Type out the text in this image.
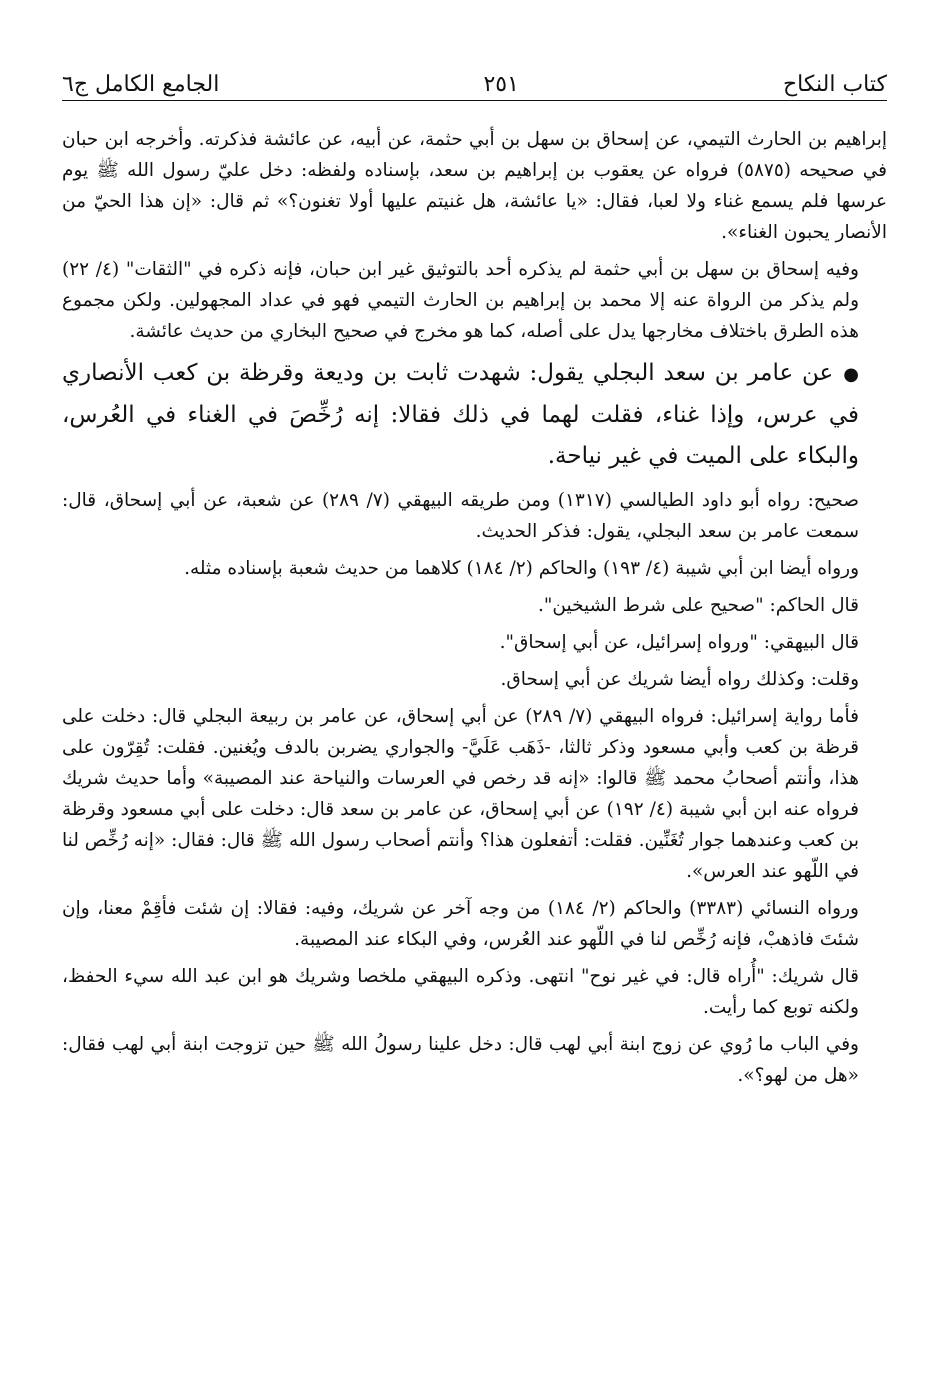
كتاب النكاح
٢٥١
الجامع الكامل ج٦

إبراهيم بن الحارث التيمي، عن إسحاق بن سهل بن أبي حثمة، عن أبيه، عن عائشة فذكرته. وأخرجه ابن حبان في صحيحه (٥٨٧٥) فرواه عن يعقوب بن إبراهيم بن سعد، بإسناده ولفظه: دخل عليّ رسول الله ﷺ يوم عرسها فلم يسمع غناء ولا لعبا، فقال: «يا عائشة، هل غنيتم عليها أولا تغنون؟» ثم قال: «إن هذا الحيّ من الأنصار يحبون الغناء».

وفيه إسحاق بن سهل بن أبي حثمة لم يذكره أحد بالتوثيق غير ابن حبان، فإنه ذكره في "الثقات" (٤/ ٢٢) ولم يذكر من الرواة عنه إلا محمد بن إبراهيم بن الحارث التيمي فهو في عداد المجهولين. ولكن مجموع هذه الطرق باختلاف مخارجها يدل على أصله، كما هو مخرج في صحيح البخاري من حديث عائشة.

●عن عامر بن سعد البجلي يقول: شهدت ثابت بن وديعة وقرظة بن كعب الأنصاري في عرس، وإذا غناء، فقلت لهما في ذلك فقالا: إنه رُخِّصَ في الغناء في العُرس، والبكاء على الميت في غير نياحة.

صحيح: رواه أبو داود الطيالسي (١٣١٧) ومن طريقه البيهقي (٧/ ٢٨٩) عن شعبة، عن أبي إسحاق، قال: سمعت عامر بن سعد البجلي، يقول: فذكر الحديث.

ورواه أيضا ابن أبي شيبة (٤/ ١٩٣) والحاكم (٢/ ١٨٤) كلاهما من حديث شعبة بإسناده مثله.

قال الحاكم: "صحيح على شرط الشيخين".

قال البيهقي: "ورواه إسرائيل، عن أبي إسحاق".

وقلت: وكذلك رواه أيضا شريك عن أبي إسحاق.

فأما رواية إسرائيل: فرواه البيهقي (٧/ ٢٨٩) عن أبي إسحاق، عن عامر بن ربيعة البجلي قال: دخلت على قرظة بن كعب وأبي مسعود وذكر ثالثا، -ذَهَب عَلَيَّ- والجواري يضربن بالدف ويُغنين. فقلت: تُقِرّون على هذا، وأنتم أصحابُ محمد ﷺ قالوا: «إنه قد رخص في العرسات والنياحة عند المصيبة» وأما حديث شريك فرواه عنه ابن أبي شيبة (٤/ ١٩٢) عن أبي إسحاق، عن عامر بن سعد قال: دخلت على أبي مسعود وقرظة بن كعب وعندهما جوار تُغَنِّين. فقلت: أتفعلون هذا؟ وأنتم أصحاب رسول الله ﷺ قال: فقال: «إنه رُخِّص لنا في اللّهو عند العرس».

ورواه النسائي (٣٣٨٣) والحاكم (٢/ ١٨٤) من وجه آخر عن شريك، وفيه: فقالا: إن شئت فأقِمْ معنا، وإن شئتَ فاذهبْ، فإنه رُخِّص لنا في اللّهو عند العُرس، وفي البكاء عند المصيبة.

قال شريك: "أُراه قال: في غير نوح" انتهى. وذكره البيهقي ملخصا وشريك هو ابن عبد الله سيء الحفظ، ولكنه توبع كما رأيت.

وفي الباب ما رُوي عن زوج ابنة أبي لهب قال: دخل علينا رسولُ الله ﷺ حين تزوجت ابنة أبي لهب فقال: «هل من لهو؟».
